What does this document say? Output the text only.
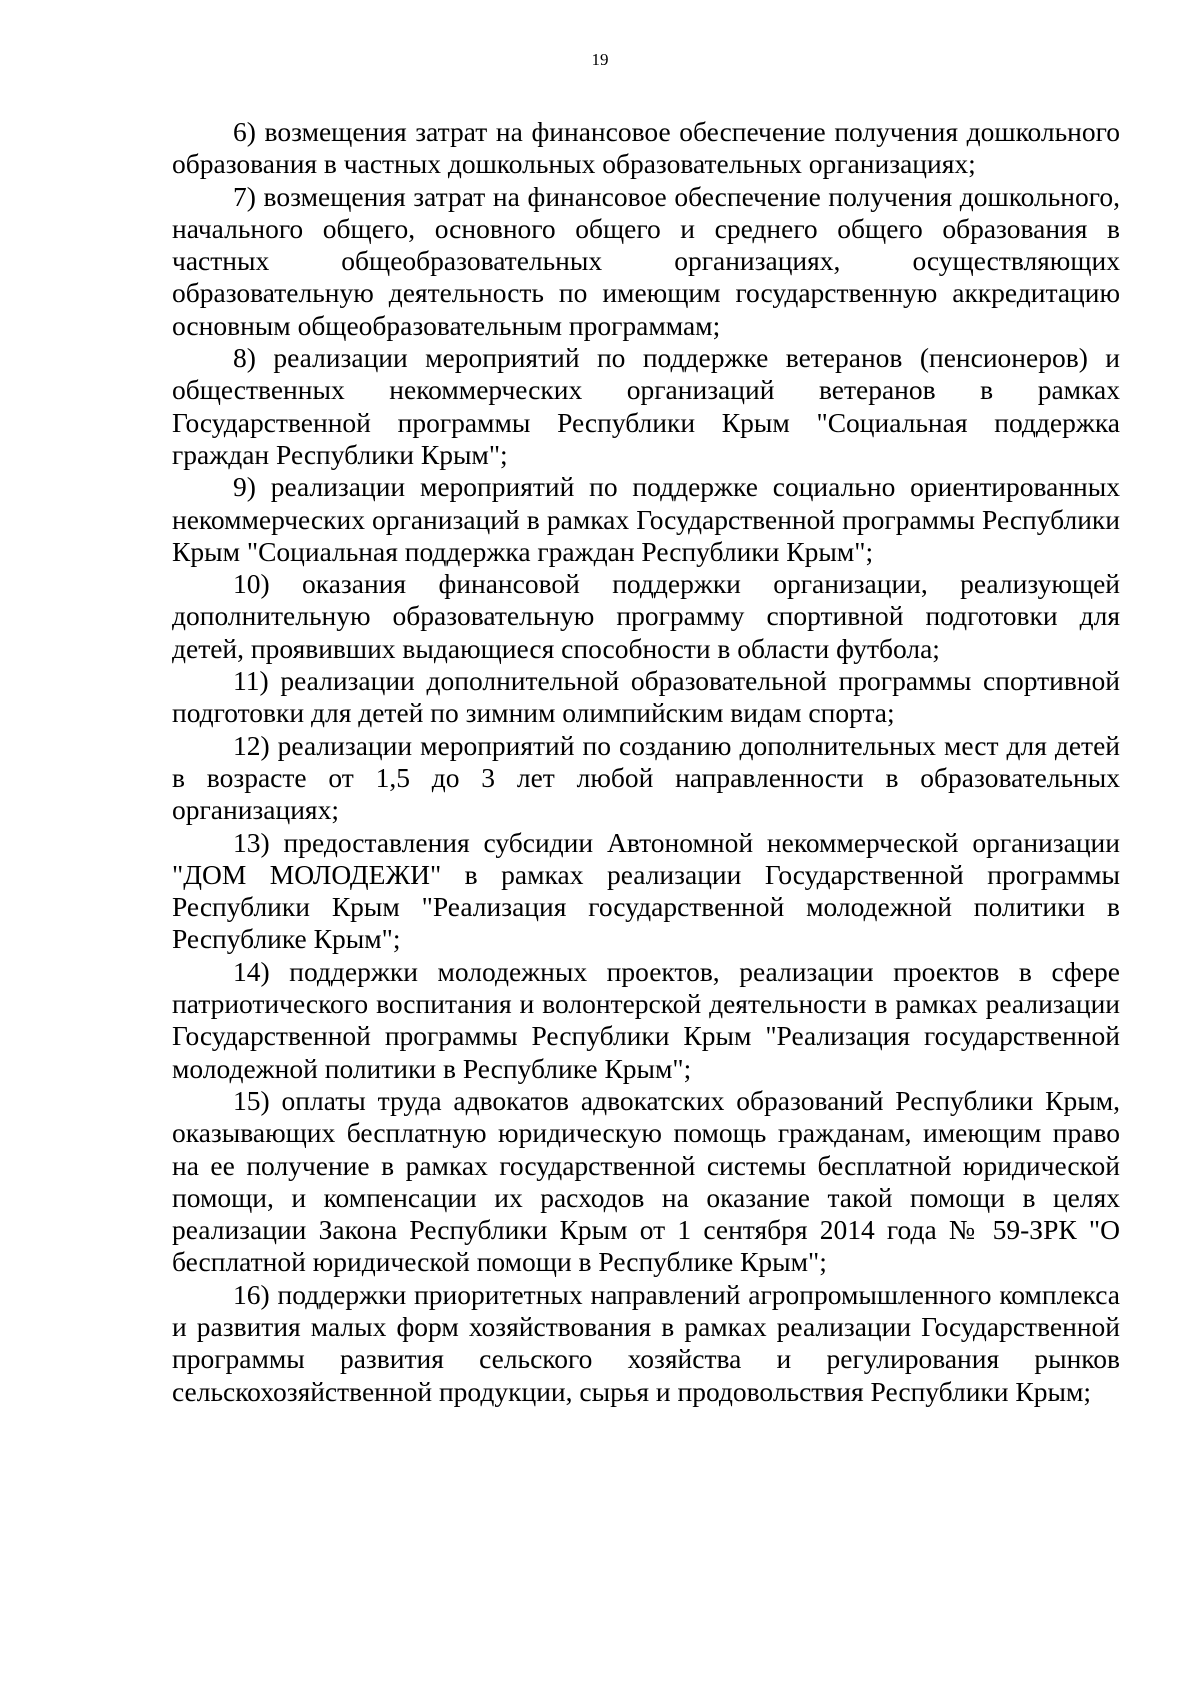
19

6) возмещения затрат на финансовое обеспечение получения дошкольного образования в частных дошкольных образовательных организациях;

7) возмещения затрат на финансовое обеспечение получения дошкольного, начального общего, основного общего и среднего общего образования в частных общеобразовательных организациях, осуществляющих образовательную деятельность по имеющим государственную аккредитацию основным общеобразовательным программам;

8) реализации мероприятий по поддержке ветеранов (пенсионеров) и общественных некоммерческих организаций ветеранов в рамках Государственной программы Республики Крым "Социальная поддержка граждан Республики Крым";

9) реализации мероприятий по поддержке социально ориентированных некоммерческих организаций в рамках Государственной программы Республики Крым "Социальная поддержка граждан Республики Крым";

10) оказания финансовой поддержки организации, реализующей дополнительную образовательную программу спортивной подготовки для детей, проявивших выдающиеся способности в области футбола;

11) реализации дополнительной образовательной программы спортивной подготовки для детей по зимним олимпийским видам спорта;

12) реализации мероприятий по созданию дополнительных мест для детей в возрасте от 1,5 до 3 лет любой направленности в образовательных организациях;

13) предоставления субсидии Автономной некоммерческой организации "ДОМ МОЛОДЕЖИ" в рамках реализации Государственной программы Республики Крым "Реализация государственной молодежной политики в Республике Крым";

14) поддержки молодежных проектов, реализации проектов в сфере патриотического воспитания и волонтерской деятельности в рамках реализации Государственной программы Республики Крым "Реализация государственной молодежной политики в Республике Крым";

15) оплаты труда адвокатов адвокатских образований Республики Крым, оказывающих бесплатную юридическую помощь гражданам, имеющим право на ее получение в рамках государственной системы бесплатной юридической помощи, и компенсации их расходов на оказание такой помощи в целях реализации Закона Республики Крым от 1 сентября 2014 года № 59-ЗРК "О бесплатной юридической помощи в Республике Крым";

16) поддержки приоритетных направлений агропромышленного комплекса и развития малых форм хозяйствования в рамках реализации Государственной программы развития сельского хозяйства и регулирования рынков сельскохозяйственной продукции, сырья и продовольствия Республики Крым;
